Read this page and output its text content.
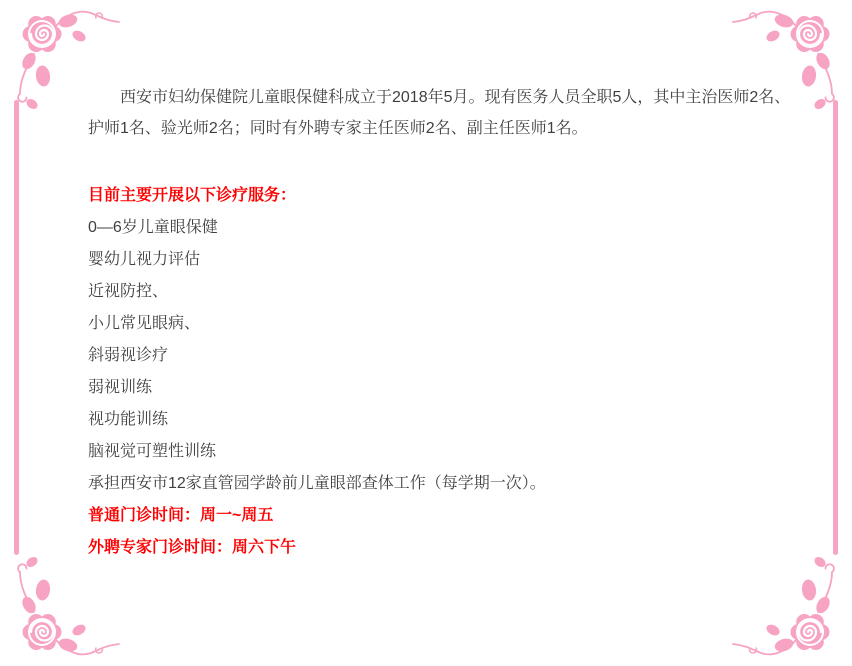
西安市妇幼保健院儿童眼保健科成立于2018年5月。现有医务人员全职5人，其中主治医师2名、
护师1名、验光师2名；同时有外聘专家主任医师2名、副主任医师1名。

目前主要开展以下诊疗服务：

0—6岁儿童眼保健

婴幼儿视力评估

近视防控、

小儿常见眼病、

斜弱视诊疗

弱视训练

视功能训练

脑视觉可塑性训练

承担西安市12家直管园学龄前儿童眼部查体工作（每学期一次）。

普通门诊时间：周一~周五

外聘专家门诊时间：周六下午
